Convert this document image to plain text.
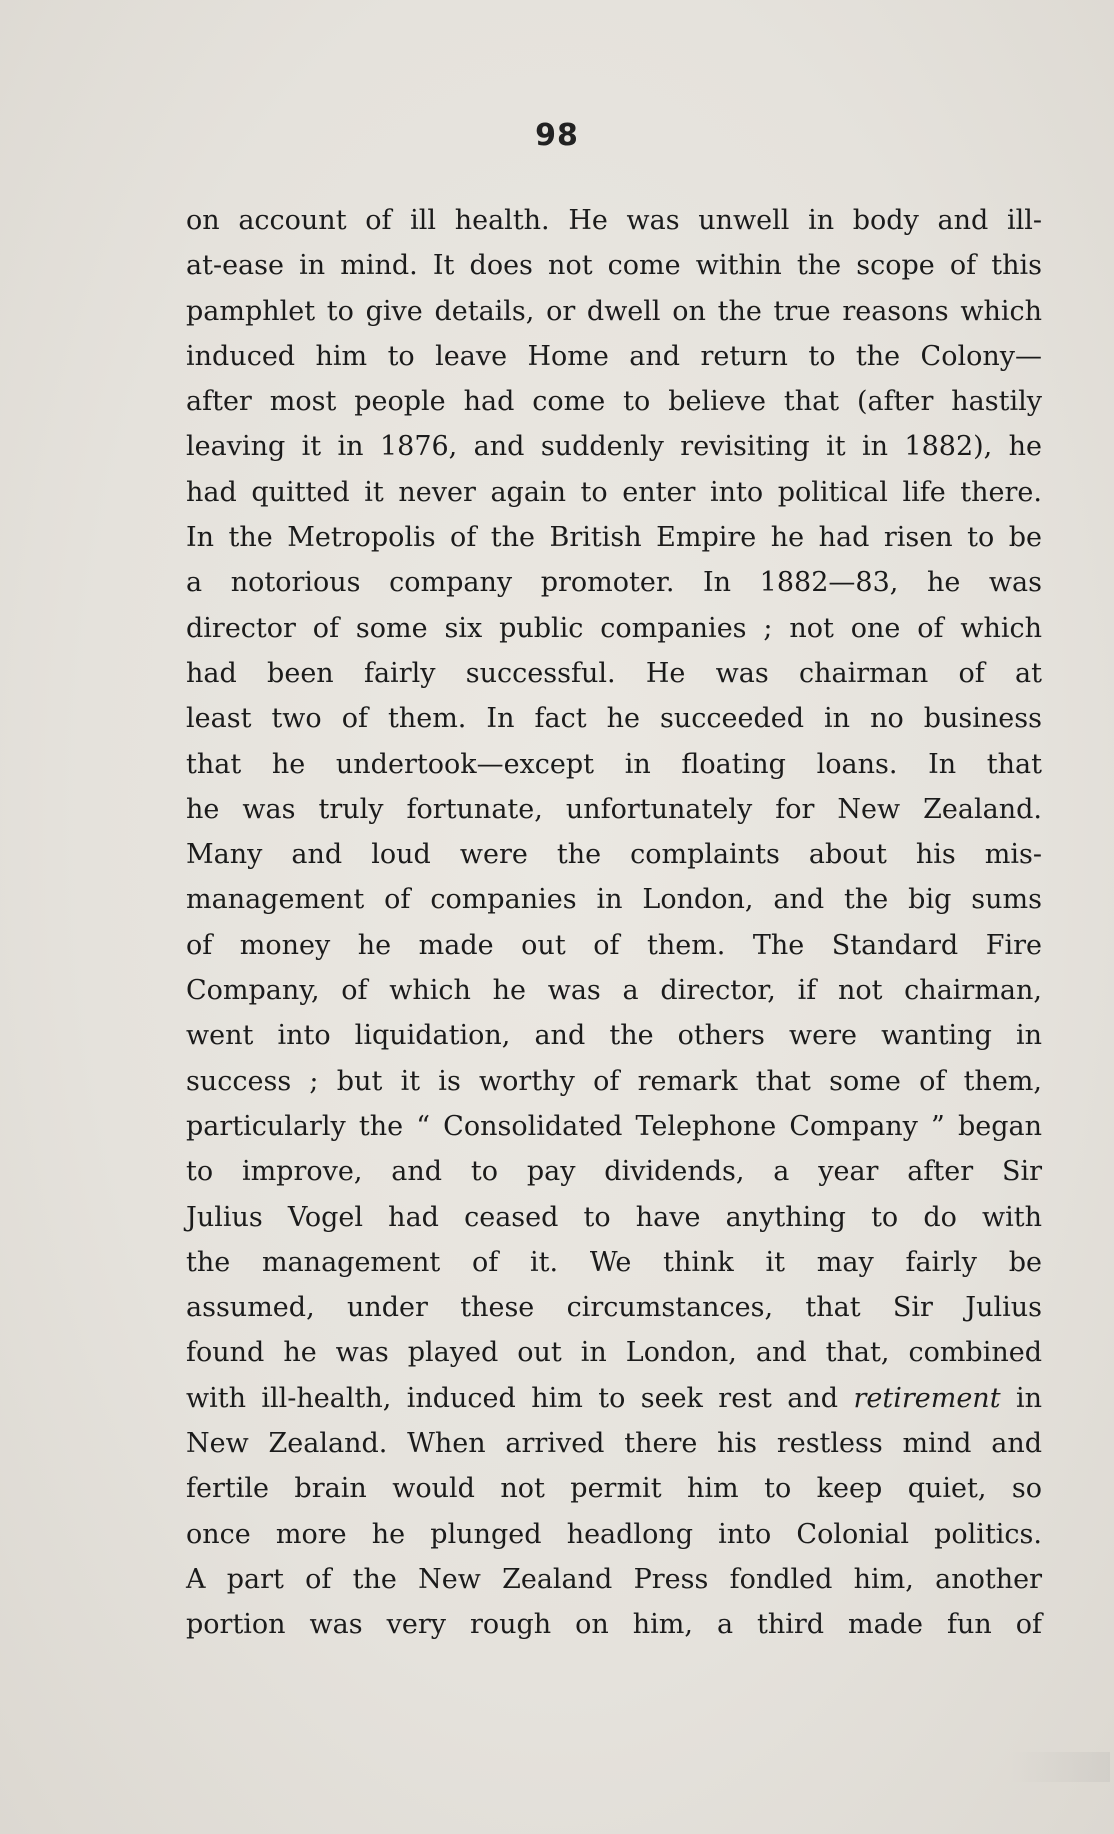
98
on account of ill health. He was unwell in body and ill-
at-ease in mind. It does not come within the scope of this
pamphlet to give details, or dwell on the true reasons which
induced him to leave Home and return to the Colony—
after most people had come to believe that (after hastily
leaving it in 1876, and suddenly revisiting it in 1882), he
had quitted it never again to enter into political life there.
In the Metropolis of the British Empire he had risen to be
a notorious company promoter. In 1882—83, he was
director of some six public companies ; not one of which
had been fairly successful. He was chairman of at
least two of them. In fact he succeeded in no business
that he undertook—except in floating loans. In that
he was truly fortunate, unfortunately for New Zealand.
Many and loud were the complaints about his mis-
management of companies in London, and the big sums
of money he made out of them. The Standard Fire
Company, of which he was a director, if not chairman,
went into liquidation, and the others were wanting in
success ; but it is worthy of remark that some of them,
particularly the “ Consolidated Telephone Company ” began
to improve, and to pay dividends, a year after Sir
Julius Vogel had ceased to have anything to do with
the management of it. We think it may fairly be
assumed, under these circumstances, that Sir Julius
found he was played out in London, and that, combined
with ill-health, induced him to seek rest and retirement in
New Zealand. When arrived there his restless mind and
fertile brain would not permit him to keep quiet, so
once more he plunged headlong into Colonial politics.
A part of the New Zealand Press fondled him, another
portion was very rough on him, a third made fun of
